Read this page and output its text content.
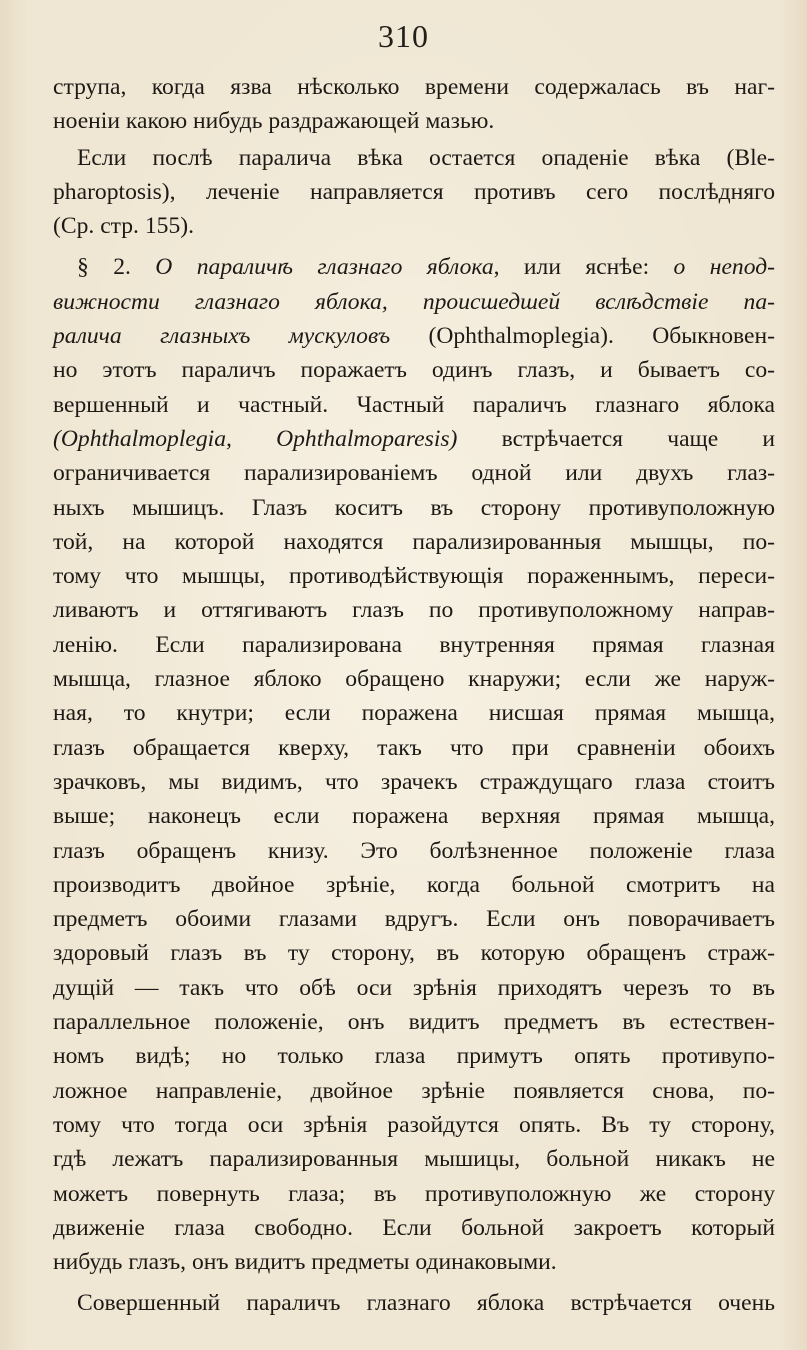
310
струпа, когда язва нѣсколько времени содержалась въ наг-
ноеніи какою нибудь раздражающей мазью.
Если послѣ паралича вѣка остается опаденіе вѣка (Ble-
pharoptosis), леченіе направляется противъ сего послѣдняго
(Ср. стр. 155).
§ 2. О параличѣ глазнаго яблока, или яснѣе: о непод-
вижности глазнаго яблока, происшедшей вслѣдствіе па-
ралича глазныхъ мускуловъ (Ophthalmoplegia). Обыкновен-
но этотъ параличъ поражаетъ одинъ глазъ, и бываетъ со-
вершенный и частный. Частный параличъ глазнаго яблока
(Ophthalmoplegia, Ophthalmoparesis) встрѣчается чаще и
ограничивается парализированіемъ одной или двухъ глаз-
ныхъ мышицъ. Глазъ коситъ въ сторону противуположную
той, на которой находятся парализированныя мышцы, по-
тому что мышцы, противодѣйствующія пораженнымъ, переси-
ливаютъ и оттягиваютъ глазъ по противуположному направ-
ленію. Если парализирована внутренняя прямая глазная
мышца, глазное яблоко обращено кнаружи; если же наруж-
ная, то кнутри; если поражена нисшая прямая мышца,
глазъ обращается кверху, такъ что при сравненіи обоихъ
зрачковъ, мы видимъ, что зрачекъ страждущаго глаза стоитъ
выше; наконецъ если поражена верхняя прямая мышца,
глазъ обращенъ книзу. Это болѣзненное положеніе глаза
производитъ двойное зрѣніе, когда больной смотритъ на
предметъ обоими глазами вдругъ. Если онъ поворачиваетъ
здоровый глазъ въ ту сторону, въ которую обращенъ страж-
дущій — такъ что обѣ оси зрѣнія приходятъ черезъ то въ
параллельное положеніе, онъ видитъ предметъ въ естествен-
номъ видѣ; но только глаза примутъ опять противупо-
ложное направленіе, двойное зрѣніе появляется снова, по-
тому что тогда оси зрѣнія разойдутся опять. Въ ту сторону,
гдѣ лежатъ парализированныя мышицы, больной никакъ не
можетъ повернуть глаза; въ противуположную же сторону
движеніе глаза свободно. Если больной закроетъ который
нибудь глазъ, онъ видитъ предметы одинаковыми.
Совершенный параличъ глазнаго яблока встрѣчается очень
